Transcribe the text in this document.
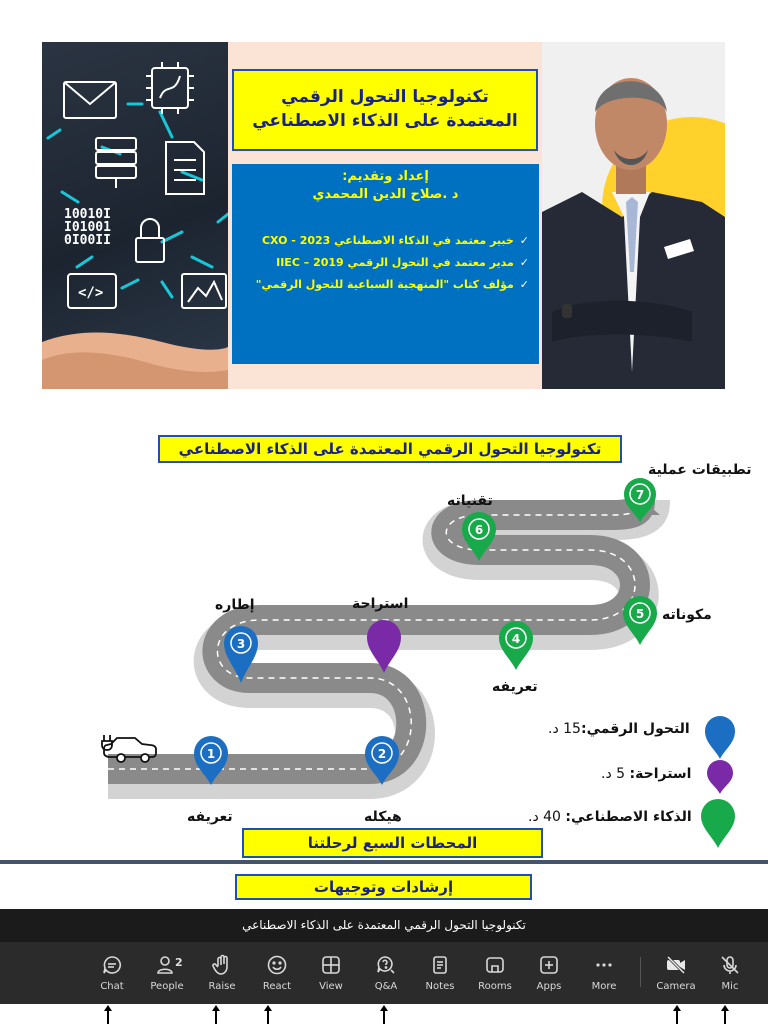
10010I
I01001
0I00II
</>
تكنولوجيا التحول الرقمي
المعتمدة على الذكاء الاصطناعي
إعداد وتقديم:
د .صلاح الدين المحمدي
✓خبير معتمد في الذكاء الاصطناعي 2023 - CXO
✓مدير معتمد في التحول الرقمي 2019 – IIEC
✓مؤلف كتاب "المنهجية السباعية للتحول الرقمي"
تكنولوجيا التحول الرقمي المعتمدة على الذكاء الاصطناعي
1	2
3	4
5
6
7
تعريفه	هيكله
إطاره	استراحة
تعريفه
مكوناته
تقنياته
تطبيقات عملية
التحول الرقمي:15 د.
استراحة: 5 د.
الذكاء الاصطناعي: 40 د.
المحطات السبع لرحلتنا
إرشادات وتوجيهات
تكنولوجيا التحول الرقمي المعتمدة على الذكاء الاصطناعي
Chat
2
People	Raise	React	View	Q&A	Notes	Rooms	Apps	More	Camera	Mic
